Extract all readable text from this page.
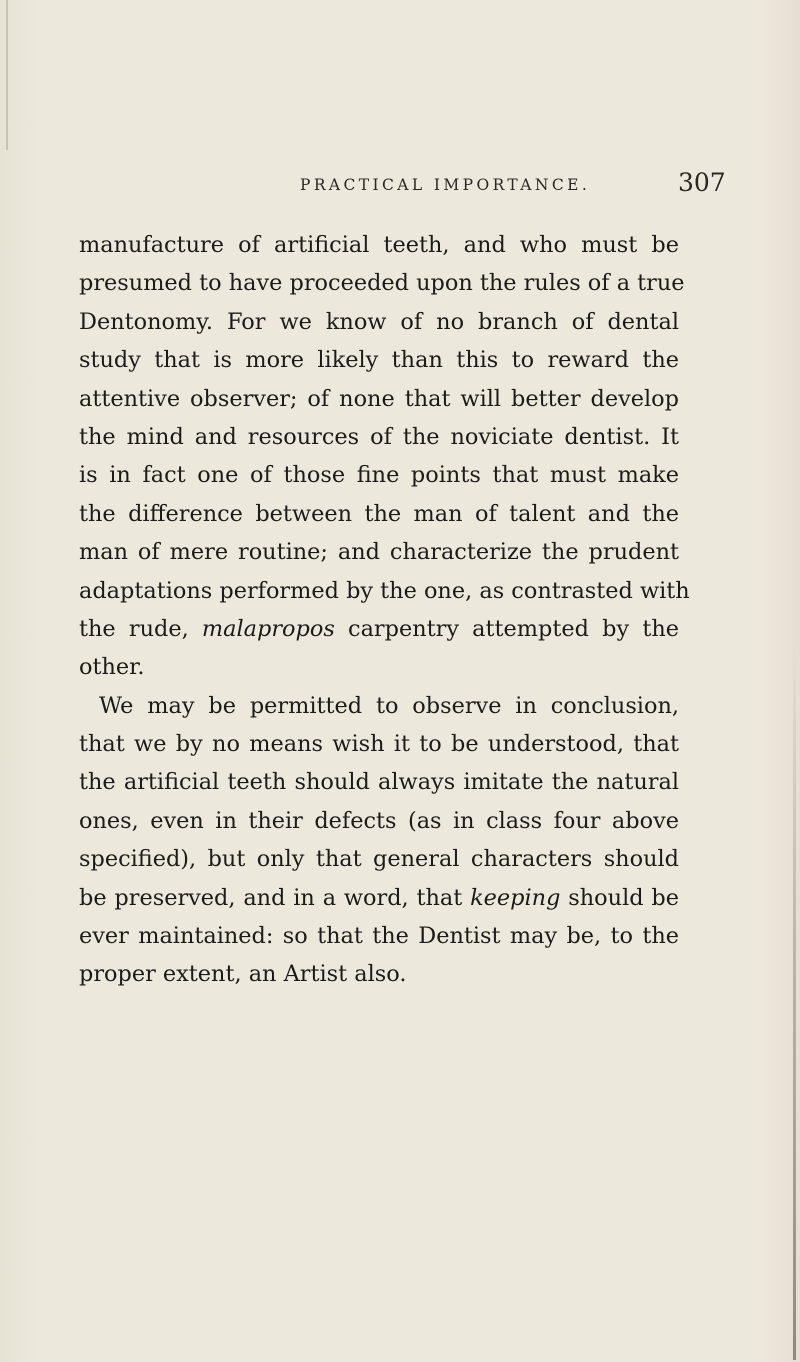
PRACTICAL IMPORTANCE.	307
manufacture of artificial teeth, and who must be
presumed to have proceeded upon the rules of a true
Dentonomy. For we know of no branch of dental
study that is more likely than this to reward the
attentive observer; of none that will better develop
the mind and resources of the noviciate dentist. It
is in fact one of those fine points that must make
the difference between the man of talent and the
man of mere routine; and characterize the prudent
adaptations performed by the one, as contrasted with
the rude, malapropos carpentry attempted by the
other.
We may be permitted to observe in conclusion,
that we by no means wish it to be understood, that
the artificial teeth should always imitate the natural
ones, even in their defects (as in class four above
specified), but only that general characters should
be preserved, and in a word, that keeping should be
ever maintained: so that the Dentist may be, to the
proper extent, an Artist also.
